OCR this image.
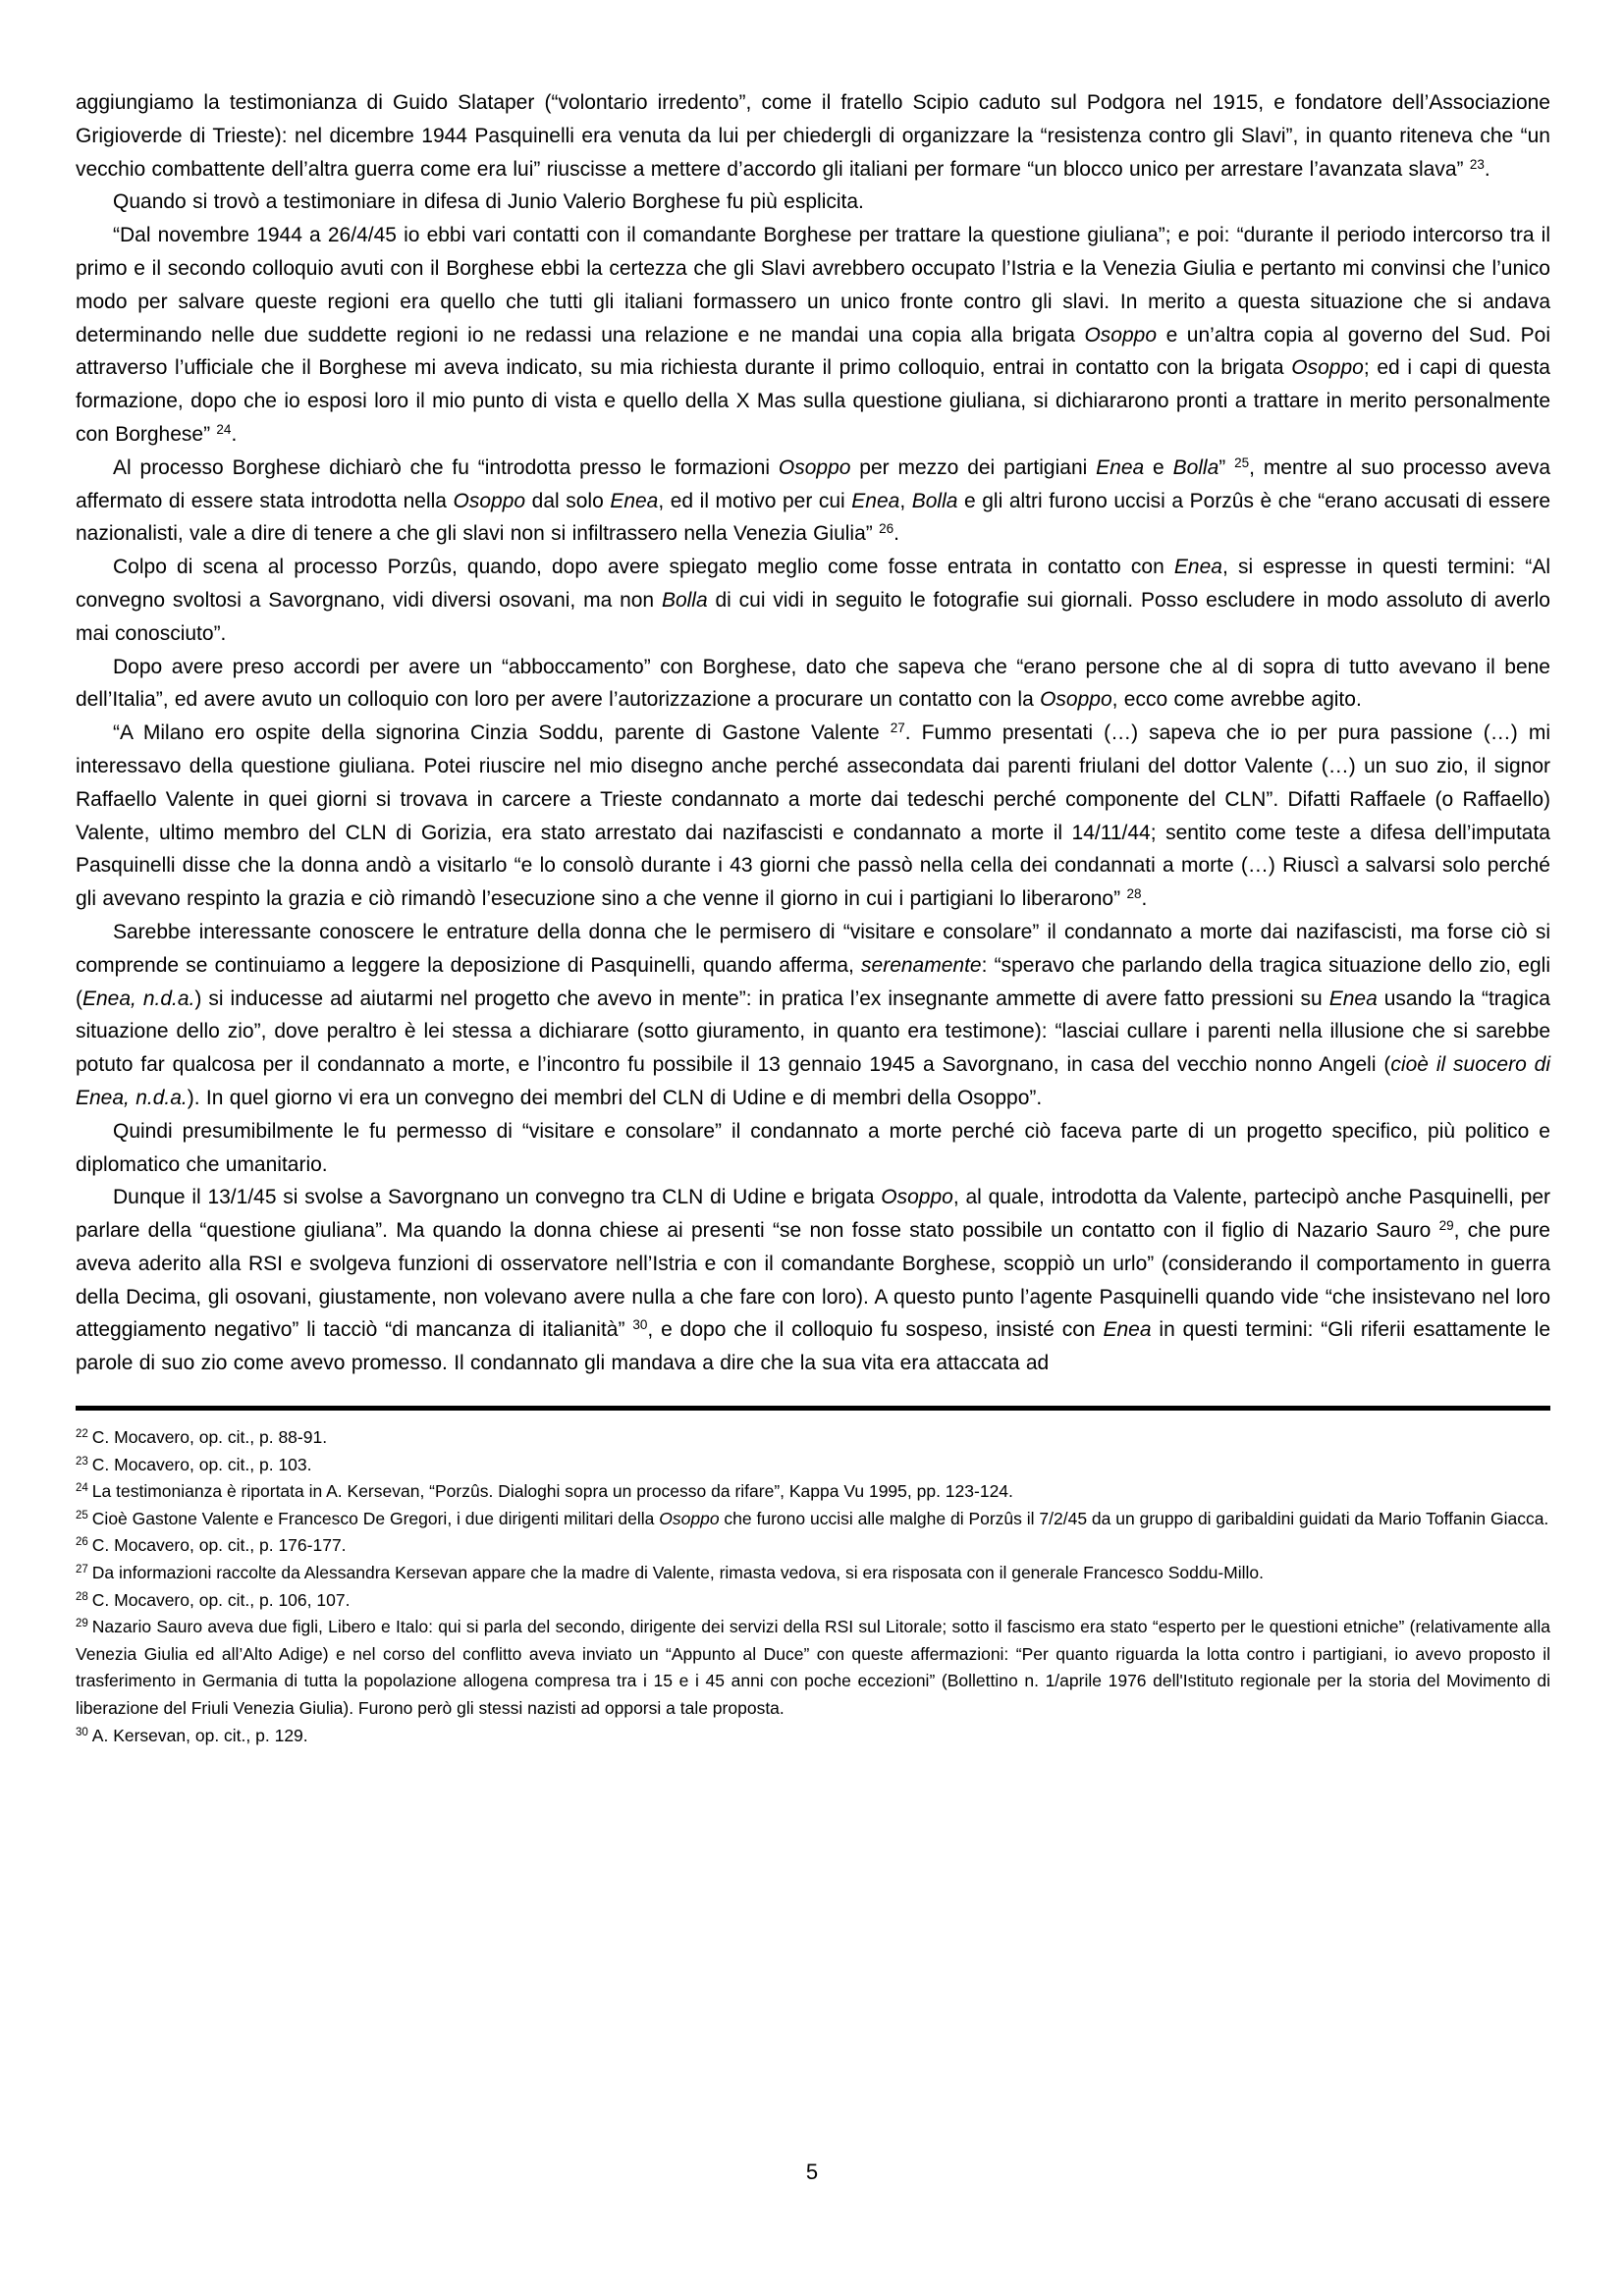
aggiungiamo la testimonianza di Guido Slataper (“volontario irredento”, come il fratello Scipio caduto sul Podgora nel 1915, e fondatore dell’Associazione Grigioverde di Trieste): nel dicembre 1944 Pasquinelli era venuta da lui per chiedergli di organizzare la “resistenza contro gli Slavi”, in quanto riteneva che “un vecchio combattente dell’altra guerra come era lui” riuscisse a mettere d’accordo gli italiani per formare “un blocco unico per arrestare l’avanzata slava” $^{23}$.

Quando si trovò a testimoniare in difesa di Junio Valerio Borghese fu più esplicita.

“Dal novembre 1944 a 26/4/45 io ebbi vari contatti con il comandante Borghese per trattare la questione giuliana”; e poi: “durante il periodo intercorso tra il primo e il secondo colloquio avuti con il Borghese ebbi la certezza che gli Slavi avrebbero occupato l’Istria e la Venezia Giulia e pertanto mi convinsi che l’unico modo per salvare queste regioni era quello che tutti gli italiani formassero un unico fronte contro gli slavi. In merito a questa situazione che si andava determinando nelle due suddette regioni io ne redassi una relazione e ne mandai una copia alla brigata Osoppo e un’altra copia al governo del Sud. Poi attraverso l’ufficiale che il Borghese mi aveva indicato, su mia richiesta durante il primo colloquio, entrai in contatto con la brigata Osoppo; ed i capi di questa formazione, dopo che io esposi loro il mio punto di vista e quello della X Mas sulla questione giuliana, si dichiararono pronti a trattare in merito personalmente con Borghese” $^{24}$.

Al processo Borghese dichiarò che fu “introdotta presso le formazioni Osoppo per mezzo dei partigiani Enea e Bolla” $^{25}$, mentre al suo processo aveva affermato di essere stata introdotta nella Osoppo dal solo Enea, ed il motivo per cui Enea, Bolla e gli altri furono uccisi a Porzûs è che “erano accusati di essere nazionalisti, vale a dire di tenere a che gli slavi non si infiltrassero nella Venezia Giulia” $^{26}$.

Colpo di scena al processo Porzûs, quando, dopo avere spiegato meglio come fosse entrata in contatto con Enea, si espresse in questi termini: “Al convegno svoltosi a Savorgnano, vidi diversi osovani, ma non Bolla di cui vidi in seguito le fotografie sui giornali. Posso escludere in modo assoluto di averlo mai conosciuto”.

Dopo avere preso accordi per avere un “abboccamento” con Borghese, dato che sapeva che “erano persone che al di sopra di tutto avevano il bene dell’Italia”, ed avere avuto un colloquio con loro per avere l’autorizzazione a procurare un contatto con la Osoppo, ecco come avrebbe agito.

“A Milano ero ospite della signorina Cinzia Soddu, parente di Gastone Valente $^{27}$. Fummo presentati (…) sapeva che io per pura passione (…) mi interessavo della questione giuliana. Potei riuscire nel mio disegno anche perché assecondata dai parenti friulani del dottor Valente (…) un suo zio, il signor Raffaello Valente in quei giorni si trovava in carcere a Trieste condannato a morte dai tedeschi perché componente del CLN”. Difatti Raffaele (o Raffaello) Valente, ultimo membro del CLN di Gorizia, era stato arrestato dai nazifascisti e condannato a morte il 14/11/44; sentito come teste a difesa dell’imputata Pasquinelli disse che la donna andò a visitarlo “e lo consolò durante i 43 giorni che passò nella cella dei condannati a morte (…) Riuscì a salvarsi solo perché gli avevano respinto la grazia e ciò rimandò l’esecuzione sino a che venne il giorno in cui i partigiani lo liberarono” $^{28}$.

Sarebbe interessante conoscere le entrature della donna che le permisero di “visitare e consolare” il condannato a morte dai nazifascisti, ma forse ciò si comprende se continuiamo a leggere la deposizione di Pasquinelli, quando afferma, serenamente: “speravo che parlando della tragica situazione dello zio, egli (Enea, n.d.a.) si inducesse ad aiutarmi nel progetto che avevo in mente”: in pratica l’ex insegnante ammette di avere fatto pressioni su Enea usando la “tragica situazione dello zio”, dove peraltro è lei stessa a dichiarare (sotto giuramento, in quanto era testimone): “lasciai cullare i parenti nella illusione che si sarebbe potuto far qualcosa per il condannato a morte, e l’incontro fu possibile il 13 gennaio 1945 a Savorgnano, in casa del vecchio nonno Angeli (cioè il suocero di Enea, n.d.a.). In quel giorno vi era un convegno dei membri del CLN di Udine e di membri della Osoppo”.

Quindi presumibilmente le fu permesso di “visitare e consolare” il condannato a morte perché ciò faceva parte di un progetto specifico, più politico e diplomatico che umanitario.

Dunque il 13/1/45 si svolse a Savorgnano un convegno tra CLN di Udine e brigata Osoppo, al quale, introdotta da Valente, partecipò anche Pasquinelli, per parlare della “questione giuliana”. Ma quando la donna chiese ai presenti “se non fosse stato possibile un contatto con il figlio di Nazario Sauro $^{29}$, che pure aveva aderito alla RSI e svolgeva funzioni di osservatore nell’Istria e con il comandante Borghese, scoppiò un urlo” (considerando il comportamento in guerra della Decima, gli osovani, giustamente, non volevano avere nulla a che fare con loro). A questo punto l’agente Pasquinelli quando vide “che insistevano nel loro atteggiamento negativo” li tacciò “di mancanza di italianità” $^{30}$, e dopo che il colloquio fu sospeso, insisté con Enea in questi termini: “Gli riferii esattamente le parole di suo zio come avevo promesso. Il condannato gli mandava a dire che la sua vita era attaccata ad

$^{22}$ C. Mocavero, op. cit., p. 88-91.
$^{23}$ C. Mocavero, op. cit., p. 103.
$^{24}$ La testimonianza è riportata in A. Kersevan, “Porzûs. Dialoghi sopra un processo da rifare”, Kappa Vu 1995, pp. 123-124.
$^{25}$ Cioè Gastone Valente e Francesco De Gregori, i due dirigenti militari della Osoppo che furono uccisi alle malghe di Porzûs il 7/2/45 da un gruppo di garibaldini guidati da Mario Toffanin Giacca.
$^{26}$ C. Mocavero, op. cit., p. 176-177.
$^{27}$ Da informazioni raccolte da Alessandra Kersevan appare che la madre di Valente, rimasta vedova, si era risposata con il generale Francesco Soddu-Millo.
$^{28}$ C. Mocavero, op. cit., p. 106, 107.
$^{29}$ Nazario Sauro aveva due figli, Libero e Italo: qui si parla del secondo, dirigente dei servizi della RSI sul Litorale; sotto il fascismo era stato “esperto per le questioni etniche” (relativamente alla Venezia Giulia ed all’Alto Adige) e nel corso del conflitto aveva inviato un “Appunto al Duce” con queste affermazioni: “Per quanto riguarda la lotta contro i partigiani, io avevo proposto il trasferimento in Germania di tutta la popolazione allogena compresa tra i 15 e i 45 anni con poche eccezioni” (Bollettino n. 1/aprile 1976 dell'Istituto regionale per la storia del Movimento di liberazione del Friuli Venezia Giulia). Furono però gli stessi nazisti ad opporsi a tale proposta.
$^{30}$ A. Kersevan, op. cit., p. 129.
5
